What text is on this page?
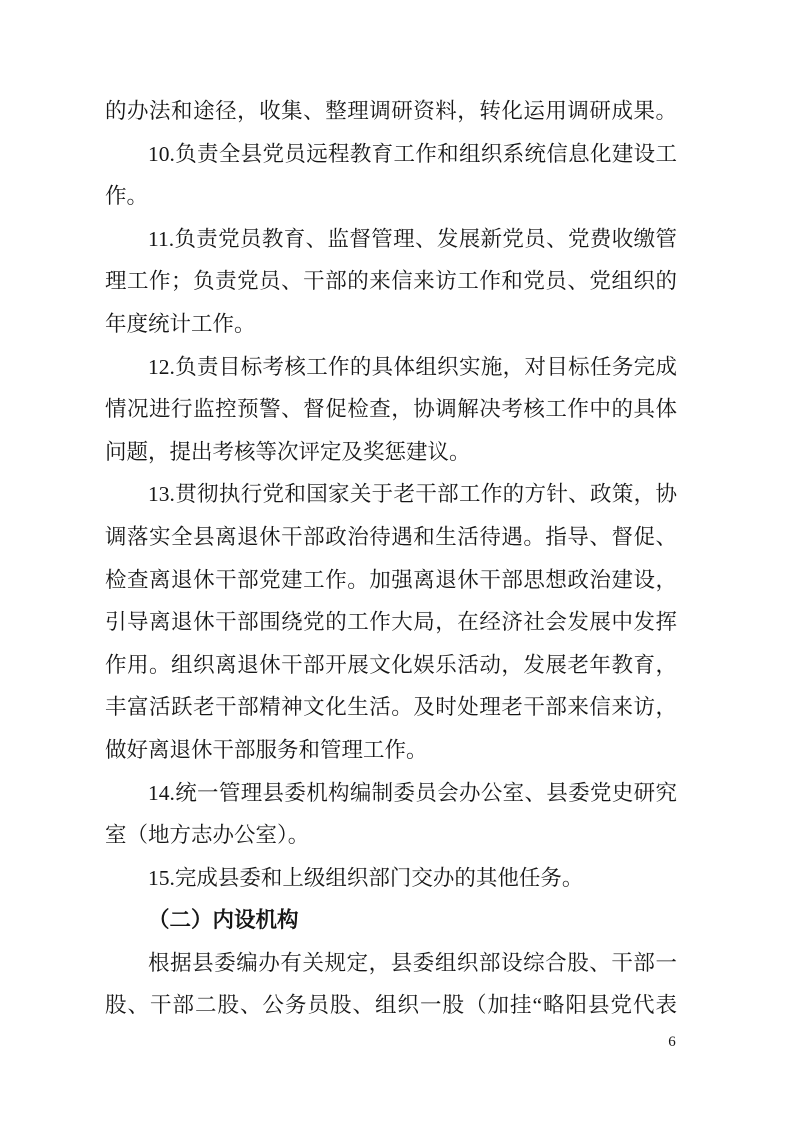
的办法和途径，收集、整理调研资料，转化运用调研成果。

10.负责全县党员远程教育工作和组织系统信息化建设工作。

11.负责党员教育、监督管理、发展新党员、党费收缴管理工作；负责党员、干部的来信来访工作和党员、党组织的年度统计工作。

12.负责目标考核工作的具体组织实施，对目标任务完成情况进行监控预警、督促检查，协调解决考核工作中的具体问题，提出考核等次评定及奖惩建议。

13.贯彻执行党和国家关于老干部工作的方针、政策，协调落实全县离退休干部政治待遇和生活待遇。指导、督促、检查离退休干部党建工作。加强离退休干部思想政治建设，引导离退休干部围绕党的工作大局，在经济社会发展中发挥作用。组织离退休干部开展文化娱乐活动，发展老年教育，丰富活跃老干部精神文化生活。及时处理老干部来信来访，做好离退休干部服务和管理工作。

14.统一管理县委机构编制委员会办公室、县委党史研究室（地方志办公室）。

15.完成县委和上级组织部门交办的其他任务。

（二）内设机构

根据县委编办有关规定，县委组织部设综合股、干部一股、干部二股、公务员股、组织一股（加挂“略阳县党代表

6
